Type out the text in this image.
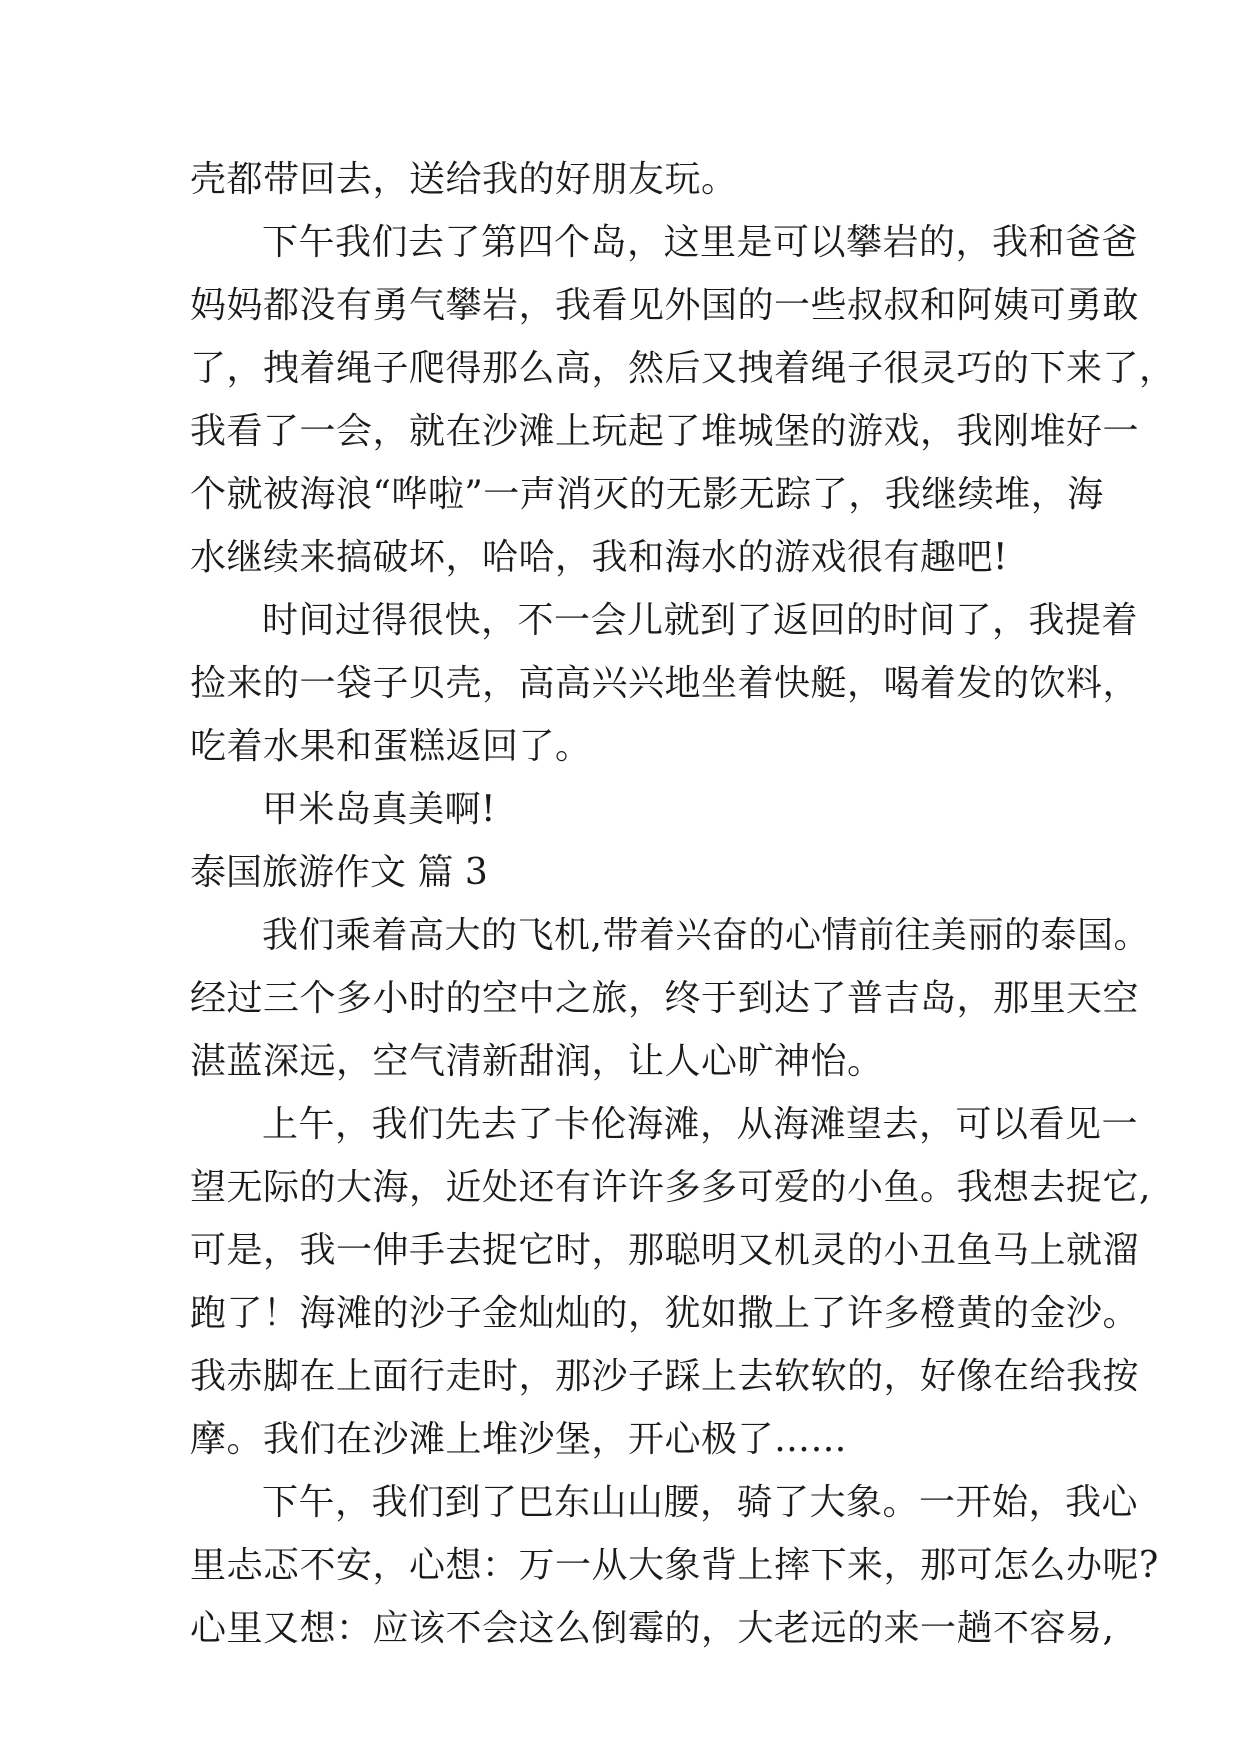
壳都带回去，送给我的好朋友玩。
下午我们去了第四个岛，这里是可以攀岩的，我和爸爸
妈妈都没有勇气攀岩，我看见外国的一些叔叔和阿姨可勇敢
了，拽着绳子爬得那么高，然后又拽着绳子很灵巧的下来了，
我看了一会，就在沙滩上玩起了堆城堡的游戏，我刚堆好一
个就被海浪“哗啦”一声消灭的无影无踪了，我继续堆，海
水继续来搞破坏，哈哈，我和海水的游戏很有趣吧!
时间过得很快，不一会儿就到了返回的时间了，我提着
捡来的一袋子贝壳，高高兴兴地坐着快艇，喝着发的饮料，
吃着水果和蛋糕返回了。
甲米岛真美啊!
泰国旅游作文 篇 3
我们乘着高大的飞机,带着兴奋的心情前往美丽的泰国。
经过三个多小时的空中之旅，终于到达了普吉岛，那里天空
湛蓝深远，空气清新甜润，让人心旷神怡。
上午，我们先去了卡伦海滩，从海滩望去，可以看见一
望无际的大海，近处还有许许多多可爱的小鱼。我想去捉它,
可是，我一伸手去捉它时，那聪明又机灵的小丑鱼马上就溜
跑了！海滩的沙子金灿灿的，犹如撒上了许多橙黄的金沙。
我赤脚在上面行走时，那沙子踩上去软软的，好像在给我按
摩。我们在沙滩上堆沙堡，开心极了……
下午，我们到了巴东山山腰，骑了大象。一开始，我心
里忐忑不安，心想：万一从大象背上摔下来，那可怎么办呢?
心里又想：应该不会这么倒霉的，大老远的来一趟不容易,
